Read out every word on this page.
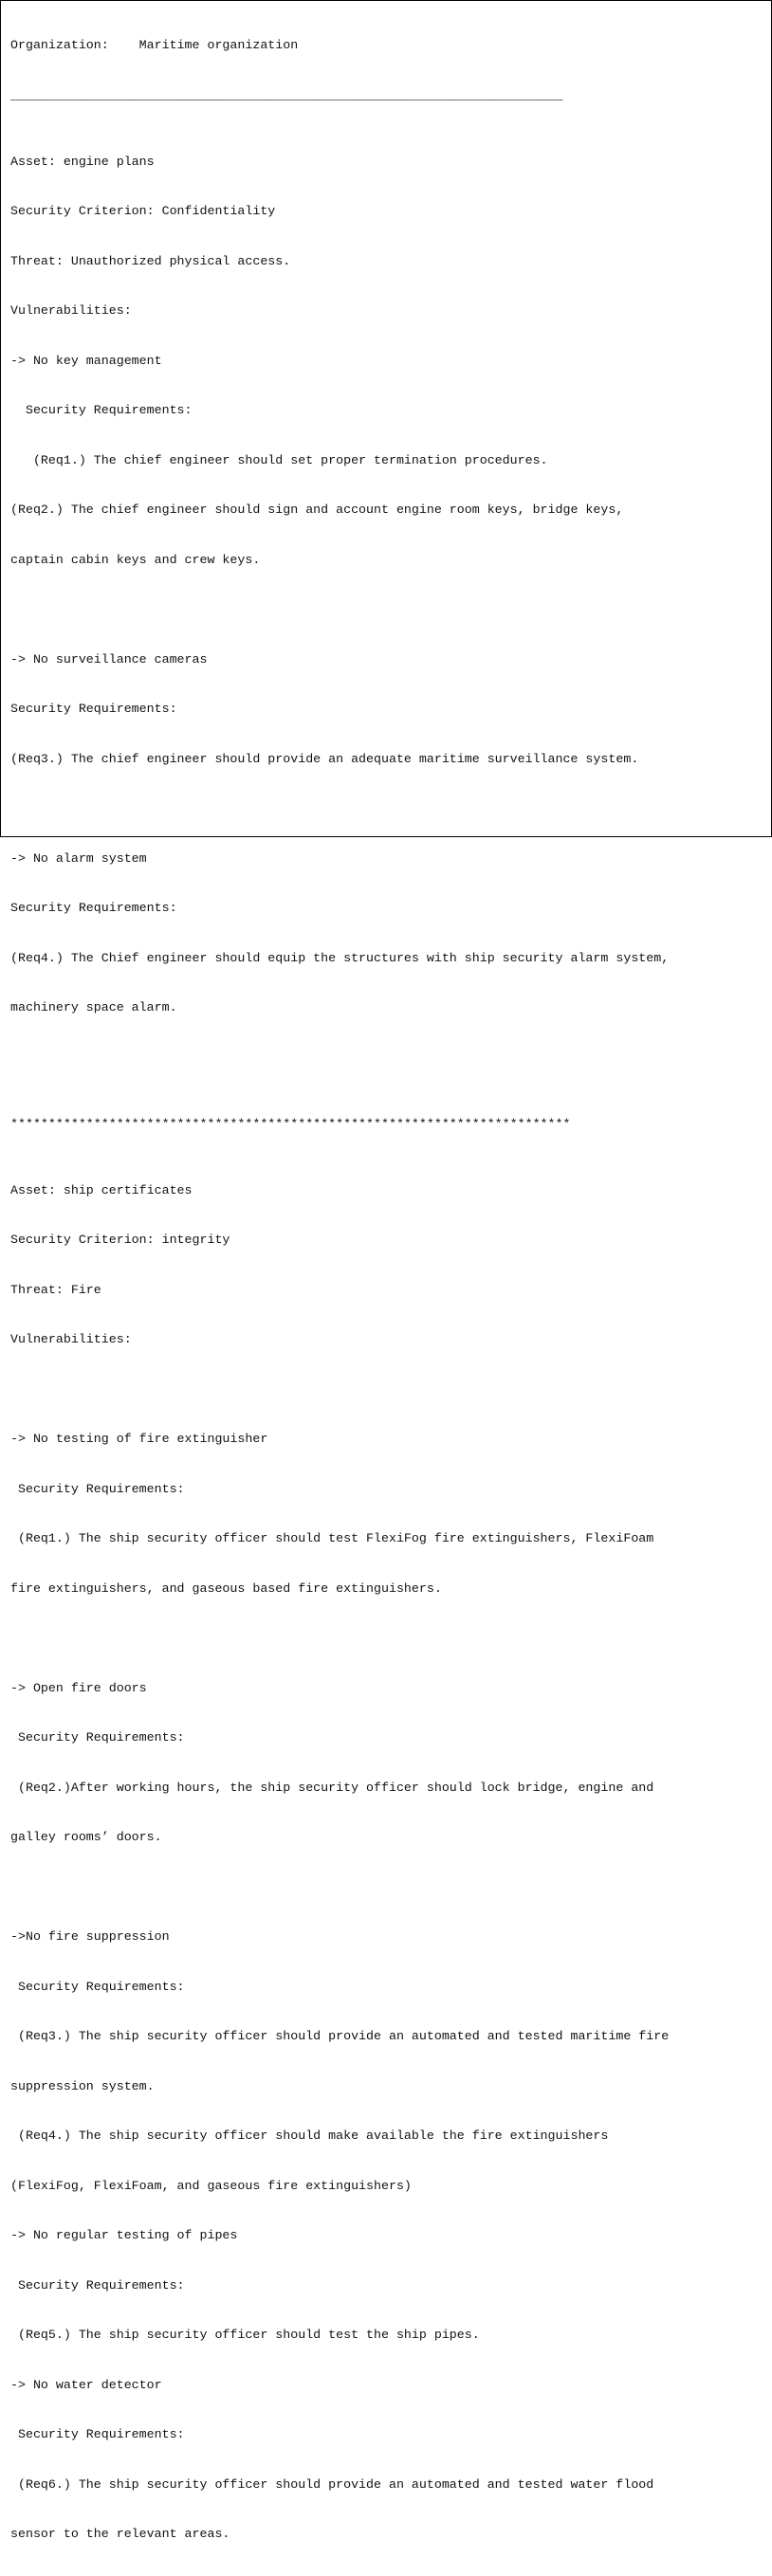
Organization: Maritime organization

_________________________________________________________________________

Asset: engine plans

Security Criterion: Confidentiality

Threat: Unauthorized physical access.

Vulnerabilities:

-> No key management

Security Requirements:

(Req1.) The chief engineer should set proper termination procedures.

(Req2.) The chief engineer should sign and account engine room keys, bridge keys,

captain cabin keys and crew keys.

-> No surveillance cameras

Security Requirements:

(Req3.) The chief engineer should provide an adequate maritime surveillance system.

-> No alarm system

Security Requirements:

(Req4.) The Chief engineer should equip the structures with ship security alarm system,

machinery space alarm.

**************************************************************************

Asset: ship certificates

Security Criterion: integrity

Threat: Fire

Vulnerabilities:

-> No testing of fire extinguisher

Security Requirements:

(Req1.) The ship security officer should test FlexiFog fire extinguishers, FlexiFoam

fire extinguishers, and gaseous based fire extinguishers.

-> Open fire doors

Security Requirements:

(Req2.)After working hours, the ship security officer should lock bridge, engine and

galley rooms’ doors.

->No fire suppression

Security Requirements:

(Req3.) The ship security officer should provide an automated and tested maritime fire

suppression system.

(Req4.) The ship security officer should make available the fire extinguishers

(FlexiFog, FlexiFoam, and gaseous fire extinguishers)

-> No regular testing of pipes

Security Requirements:

(Req5.) The ship security officer should test the ship pipes.

-> No water detector

Security Requirements:

(Req6.) The ship security officer should provide an automated and tested water flood

sensor to the relevant areas.
